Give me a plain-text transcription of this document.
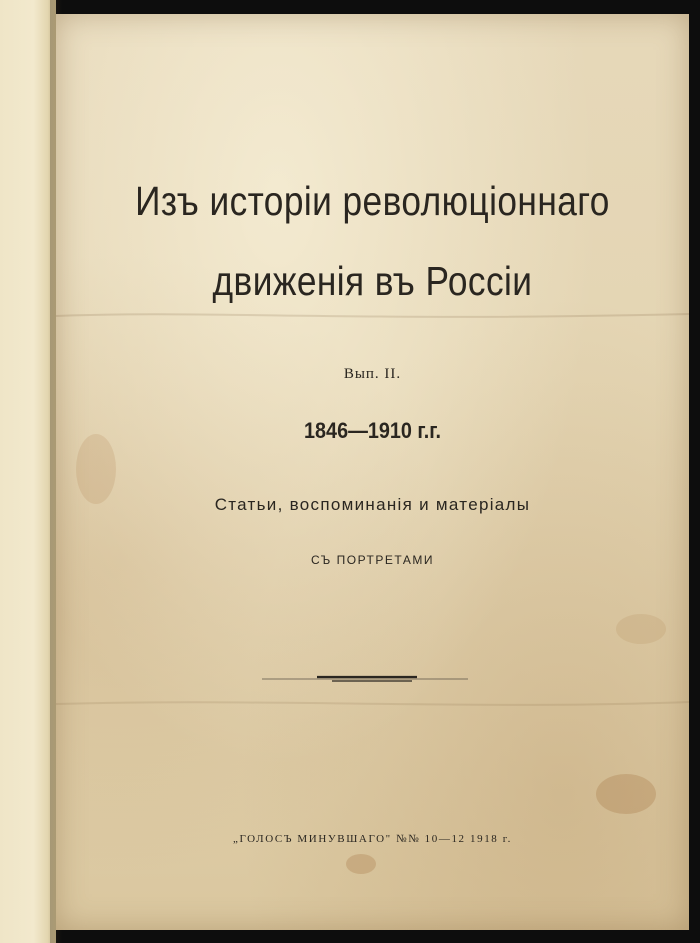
Изъ исторіи революціоннаго
движенія въ Россіи
Вып. II.
1846—1910 г.г.
Статьи, воспоминанія и матеріалы
СЪ ПОРТРЕТАМИ
„ГОЛОСЪ МИНУВШАГО" №№ 10—12 1918 г.
